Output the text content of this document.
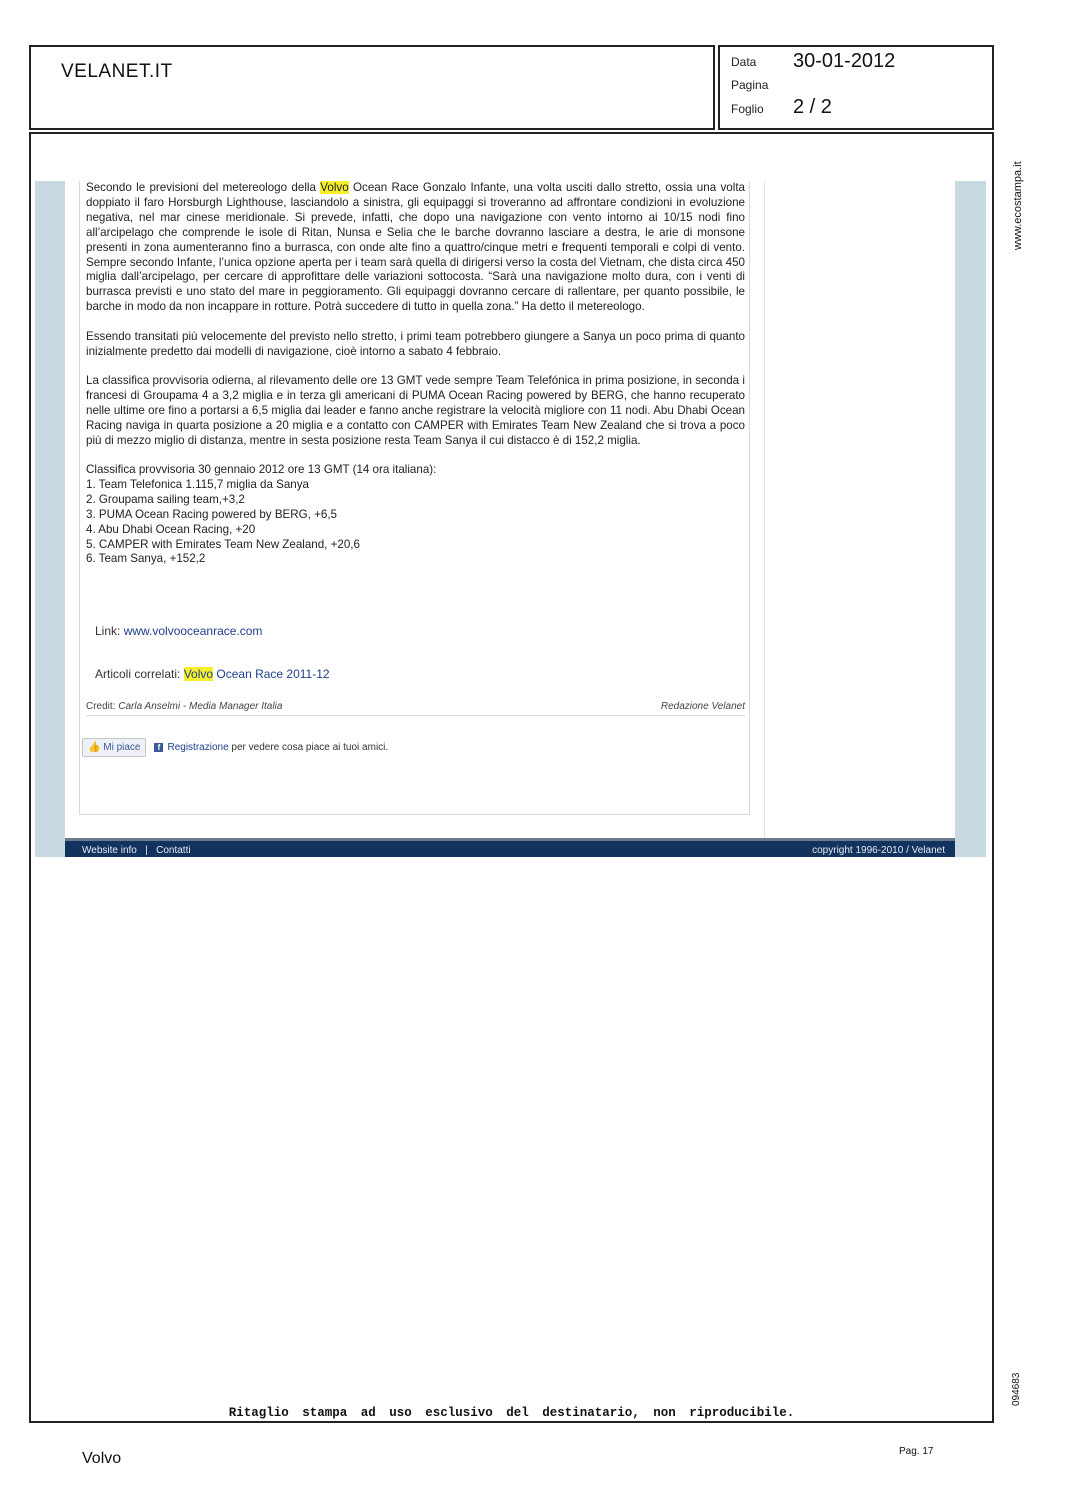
VELANET.IT	Data 30-01-2012
Pagina
Foglio 2 / 2

Secondo le previsioni del metereologo della Volvo Ocean Race Gonzalo Infante, una volta usciti dallo stretto, ossia una volta doppiato il faro Horsburgh Lighthouse, lasciandolo a sinistra, gli equipaggi si troveranno ad affrontare condizioni in evoluzione negativa, nel mar cinese meridionale. Si prevede, infatti, che dopo una navigazione con vento intorno ai 10/15 nodi fino all’arcipelago che comprende le isole di Ritan, Nunsa e Selia che le barche dovranno lasciare a destra, le arie di monsone presenti in zona aumenteranno fino a burrasca, con onde alte fino a quattro/cinque metri e frequenti temporali e colpi di vento. Sempre secondo Infante, l’unica opzione aperta per i team sarà quella di dirigersi verso la costa del Vietnam, che dista circa 450 miglia dall’arcipelago, per cercare di approfittare delle variazioni sottocosta. “Sarà una navigazione molto dura, con i venti di burrasca previsti e uno stato del mare in peggioramento. Gli equipaggi dovranno cercare di rallentare, per quanto possibile, le barche in modo da non incappare in rotture. Potrà succedere di tutto in quella zona.” Ha detto il metereologo.

Essendo transitati più velocemente del previsto nello stretto, i primi team potrebbero giungere a Sanya un poco prima di quanto inizialmente predetto dai modelli di navigazione, cioè intorno a sabato 4 febbraio.

La classifica provvisoria odierna, al rilevamento delle ore 13 GMT vede sempre Team Telefónica in prima posizione, in seconda i francesi di Groupama 4 a 3,2 miglia e in terza gli americani di PUMA Ocean Racing powered by BERG, che hanno recuperato nelle ultime ore fino a portarsi a 6,5 miglia dai leader e fanno anche registrare la velocità migliore con 11 nodi. Abu Dhabi Ocean Racing naviga in quarta posizione a 20 miglia e a contatto con CAMPER with Emirates Team New Zealand che si trova a poco più di mezzo miglio di distanza, mentre in sesta posizione resta Team Sanya il cui distacco è di 152,2 miglia.

Classifica provvisoria 30 gennaio 2012 ore 13 GMT (14 ora italiana):
1. Team Telefonica 1.115,7 miglia da Sanya
2. Groupama sailing team,+3,2
3. PUMA Ocean Racing powered by BERG, +6,5
4. Abu Dhabi Ocean Racing, +20
5. CAMPER with Emirates Team New Zealand, +20,6
6. Team Sanya, +152,2
Link: www.volvooceanrace.com
Articoli correlati: Volvo Ocean Race 2011-12
Credit: Carla Anselmi - Media Manager Italia	Redazione Velanet

👍 Mi piace f Registrazione per vedere cosa piace ai tuoi amici.
Website info   |   Contatti	copyright 1996-2010 / Velanet
www.ecostampa.it
094683
Ritaglio stampa ad uso esclusivo del destinatario, non riproducibile.
Volvo	Pag. 17
